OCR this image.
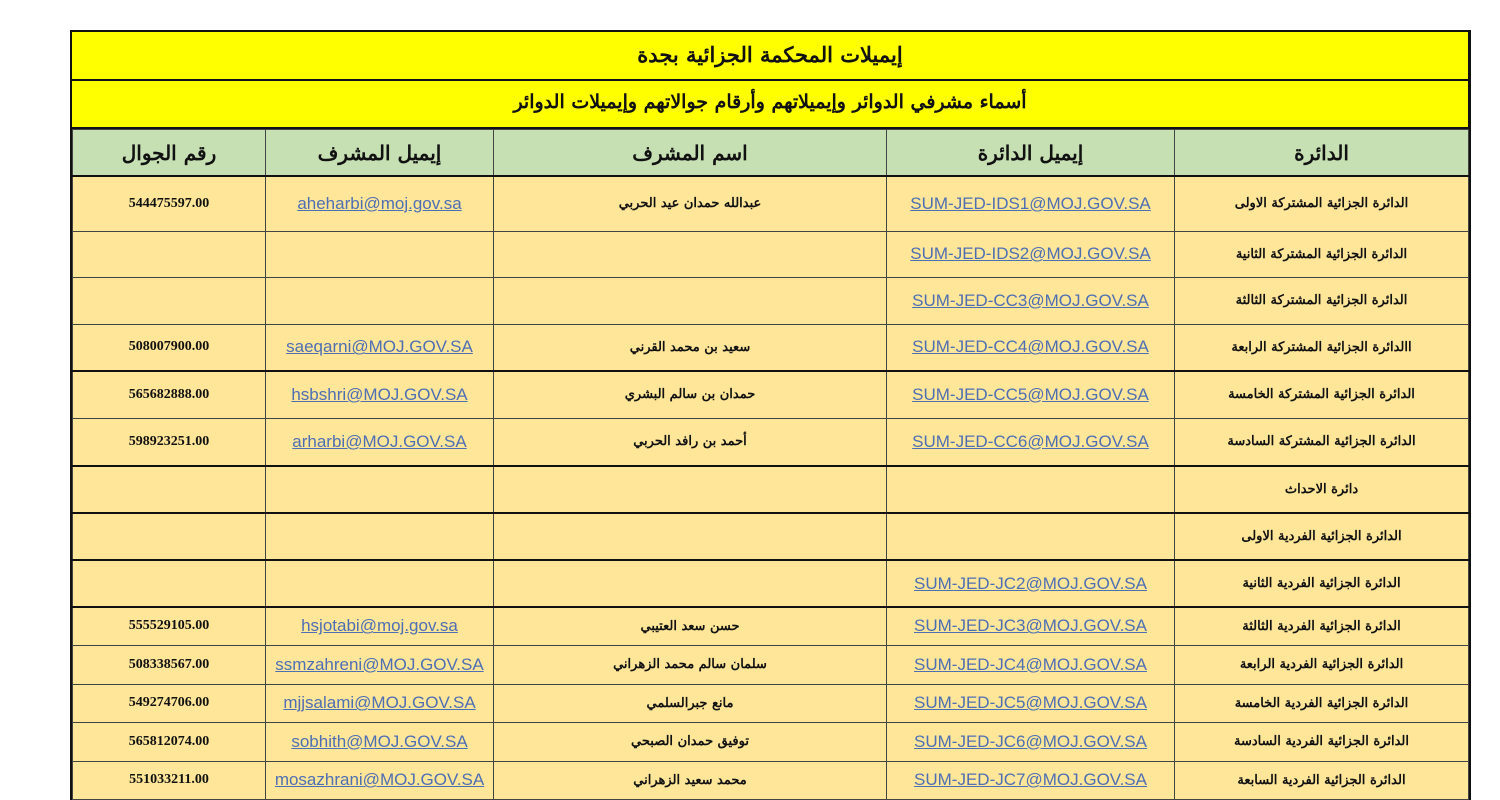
إيميلات المحكمة الجزائية بجدة
أسماء مشرفي الدوائر وإيميلاتهم وأرقام جوالاتهم وإيميلات الدوائر
الدائرة	إيميل الدائرة	اسم المشرف	إيميل المشرف	رقم الجوال
الدائرة الجزائية المشتركة الاولى	SUM-JED-IDS1@MOJ.GOV.SA	عبدالله حمدان عيد الحربي	aheharbi@moj.gov.sa	544475597.00
الدائرة الجزائية المشتركة الثانية	SUM-JED-IDS2@MOJ.GOV.SA			
الدائرة الجزائية المشتركة الثالثة	SUM-JED-CC3@MOJ.GOV.SA			
االدائرة الجزائية المشتركة الرابعة	SUM-JED-CC4@MOJ.GOV.SA	سعيد بن محمد القرني	saeqarni@MOJ.GOV.SA	508007900.00
الدائرة الجزائية المشتركة الخامسة	SUM-JED-CC5@MOJ.GOV.SA	حمدان بن سالم البشري	hsbshri@MOJ.GOV.SA	565682888.00
الدائرة الجزائية المشتركة السادسة	SUM-JED-CC6@MOJ.GOV.SA	أحمد بن رافد الحربي	arharbi@MOJ.GOV.SA	598923251.00
دائرة الاحداث				
الدائرة الجزائية الفردية الاولى				
الدائرة الجزائية الفردية الثانية	SUM-JED-JC2@MOJ.GOV.SA			
الدائرة الجزائية الفردية الثالثة	SUM-JED-JC3@MOJ.GOV.SA	حسن سعد العتيبي	hsjotabi@moj.gov.sa	555529105.00
الدائرة الجزائية الفردية الرابعة	SUM-JED-JC4@MOJ.GOV.SA	سلمان سالم محمد الزهراني	ssmzahreni@MOJ.GOV.SA	508338567.00
الدائرة الجزائية الفردية الخامسة	SUM-JED-JC5@MOJ.GOV.SA	مانع جبرالسلمي	mjjsalami@MOJ.GOV.SA	549274706.00
الدائرة الجزائية الفردية السادسة	SUM-JED-JC6@MOJ.GOV.SA	توفيق حمدان الصبحي	sobhith@MOJ.GOV.SA	565812074.00
الدائرة الجزائية الفردية السابعة	SUM-JED-JC7@MOJ.GOV.SA	محمد سعيد الزهراني	mosazhrani@MOJ.GOV.SA	551033211.00
